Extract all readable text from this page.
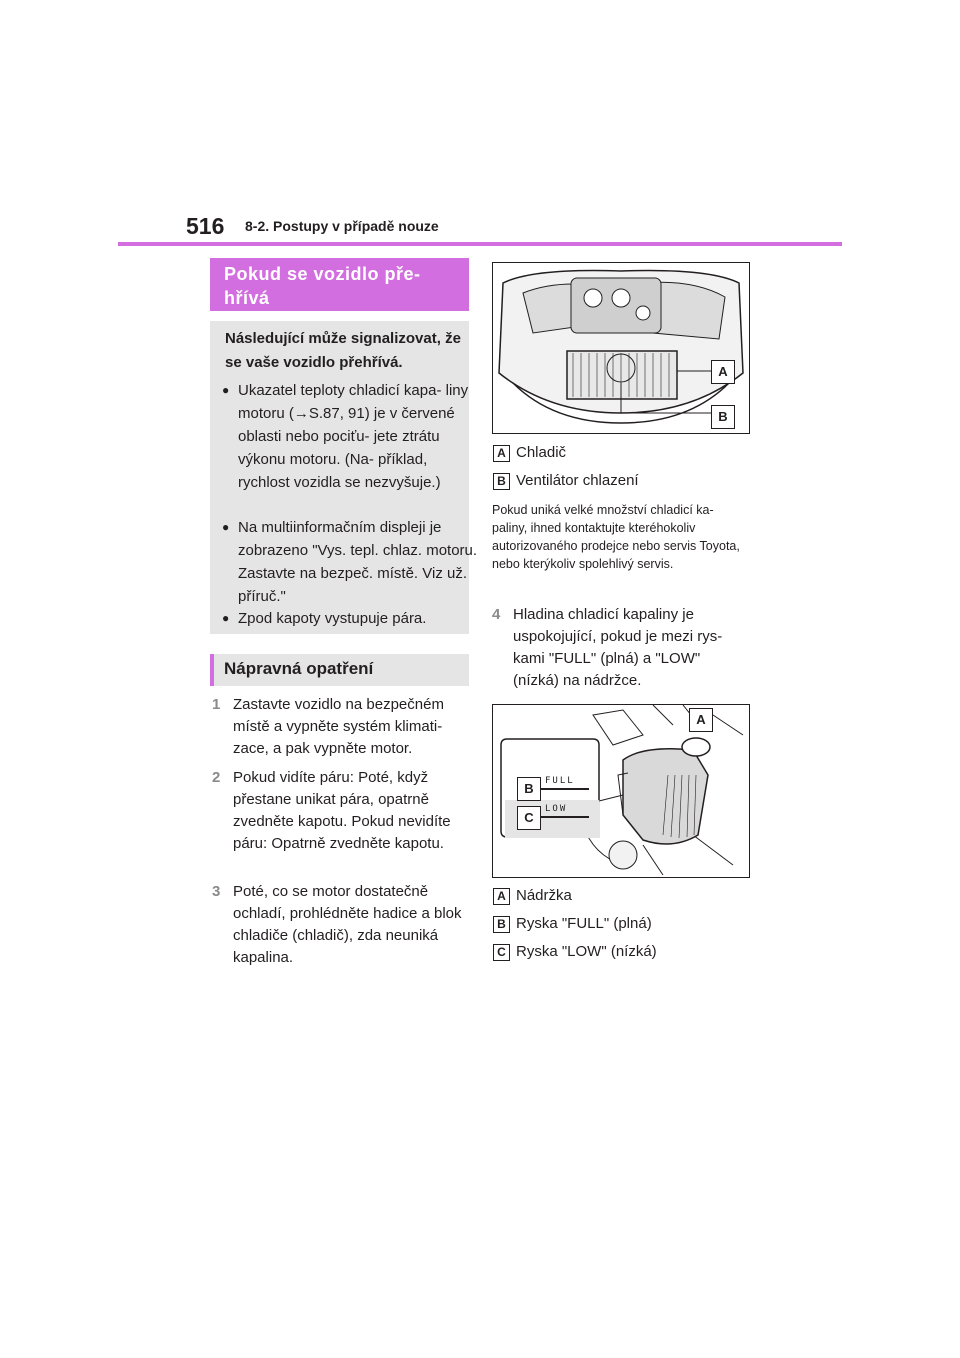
516 8-2. Postupy v případě nouze
Pokud se vozidlo pře- hřívá
Následující může signalizovat, že se vaše vozidlo přehřívá.
● Ukazatel teploty chladicí kapa- liny motoru (→S.87, 91) je v červené oblasti nebo pociťu- jete ztrátu výkonu motoru. (Na- příklad, rychlost vozidla se nezvyšuje.)
● Na multiinformačním displeji je zobrazeno "Vys. tepl. chlaz. motoru. Zastavte na bezpeč. místě. Viz už. příruč."
● Zpod kapoty vystupuje pára.
Nápravná opatření
1 Zastavte vozidlo na bezpečném místě a vypněte systém klimati- zace, a pak vypněte motor.
2 Pokud vidíte páru: Poté, když přestane unikat pára, opatrně zvedněte kapotu. Pokud nevidíte páru: Opatrně zvedněte kapotu.
3 Poté, co se motor dostatečně ochladí, prohlédněte hadice a blok chladiče (chladič), zda neuniká kapalina.
A
B
A Chladič
B Ventilátor chlazení
Pokud uniká velké množství chladicí ka- paliny, ihned kontaktujte kteréhokoliv autorizovaného prodejce nebo servis Toyota, nebo kterýkoliv spolehlivý servis.
4 Hladina chladicí kapaliny je uspokojující, pokud je mezi rys- kami "FULL" (plná) a "LOW" (nízká) na nádržce.
FULL
LOW
A
B
C
A Nádržka
B Ryska "FULL" (plná)
C Ryska "LOW" (nízká)
